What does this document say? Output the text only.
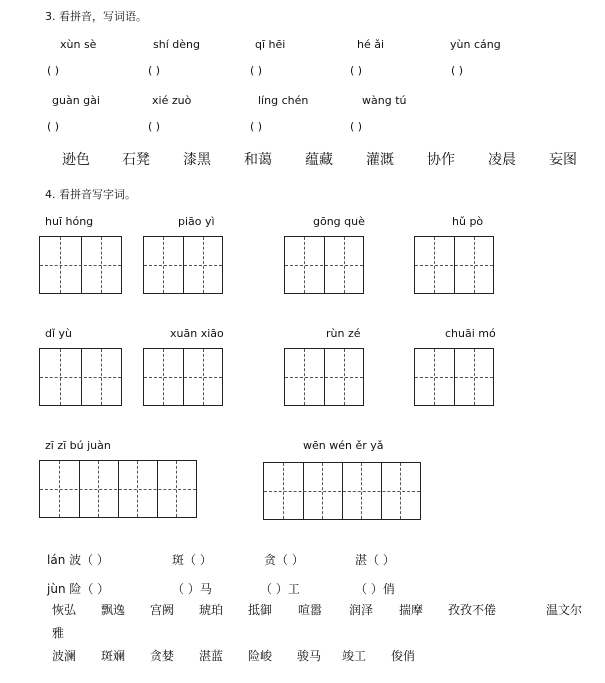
3. 看拼音，写词语。
xùn sè	shí dèng	qī hēi	hé ǎi	yùn cáng
( )	( )	( )	( )	( )
guàn gài	xié zuò	líng chén	wàng tú
( )	( )	( )	( )
逊色 石凳 漆黑 和蔼 蕴藏 灌溉 协作 凌晨 妄图
4. 看拼音写字词。
huī hóng	piāo yì	gōng què	hǔ pò
dǐ yù	xuān xiāo	rùn zé	chuāi mó
zī zī bú juàn	wēn wén ěr yǎ
lán 波（ ）	斑（ ）	贪（ ）	湛（ ）
jùn 险（ ）	（ ）马	（ ）工	（ ）俏
恢弘 飘逸 宫阙 琥珀 抵御 喧嚣 润泽 揣摩 孜孜不倦	温文尔
雅
波澜 斑斓 贪婪 湛蓝 险峻 骏马 竣工 俊俏
